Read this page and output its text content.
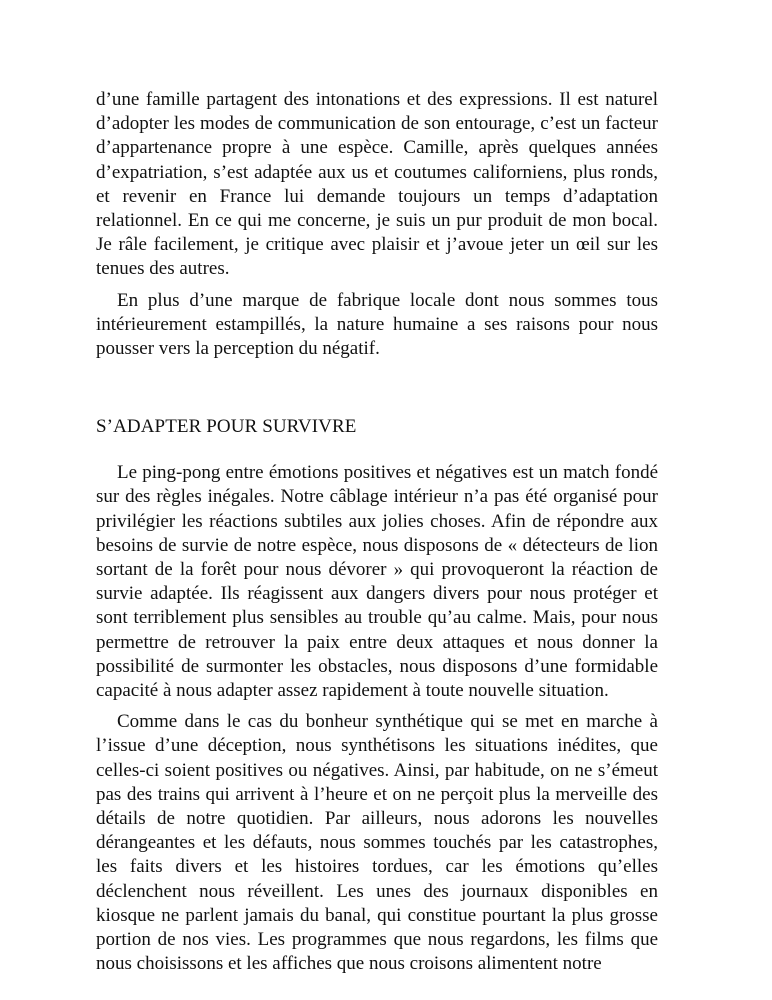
d’une famille partagent des intonations et des expressions. Il est naturel d’adopter les modes de communication de son entourage, c’est un facteur d’appartenance propre à une espèce. Camille, après quelques années d’expatriation, s’est adaptée aux us et coutumes californiens, plus ronds, et revenir en France lui demande toujours un temps d’adaptation relationnel. En ce qui me concerne, je suis un pur produit de mon bocal. Je râle facilement, je critique avec plaisir et j’avoue jeter un œil sur les tenues des autres.

En plus d’une marque de fabrique locale dont nous sommes tous intérieurement estampillés, la nature humaine a ses raisons pour nous pousser vers la perception du négatif.

S’ADAPTER POUR SURVIVRE

Le ping-pong entre émotions positives et négatives est un match fondé sur des règles inégales. Notre câblage intérieur n’a pas été organisé pour privilégier les réactions subtiles aux jolies choses. Afin de répondre aux besoins de survie de notre espèce, nous disposons de « détecteurs de lion sortant de la forêt pour nous dévorer » qui provoqueront la réaction de survie adaptée. Ils réagissent aux dangers divers pour nous protéger et sont terriblement plus sensibles au trouble qu’au calme. Mais, pour nous permettre de retrouver la paix entre deux attaques et nous donner la possibilité de surmonter les obstacles, nous disposons d’une formidable capacité à nous adapter assez rapidement à toute nouvelle situation.

Comme dans le cas du bonheur synthétique qui se met en marche à l’issue d’une déception, nous synthétisons les situations inédites, que celles-ci soient positives ou négatives. Ainsi, par habitude, on ne s’émeut pas des trains qui arrivent à l’heure et on ne perçoit plus la merveille des détails de notre quotidien. Par ailleurs, nous adorons les nouvelles dérangeantes et les défauts, nous sommes touchés par les catastrophes, les faits divers et les histoires tordues, car les émotions qu’elles déclenchent nous réveillent. Les unes des journaux disponibles en kiosque ne parlent jamais du banal, qui constitue pourtant la plus grosse portion de nos vies. Les programmes que nous regardons, les films que nous choisissons et les affiches que nous croisons alimentent notre
